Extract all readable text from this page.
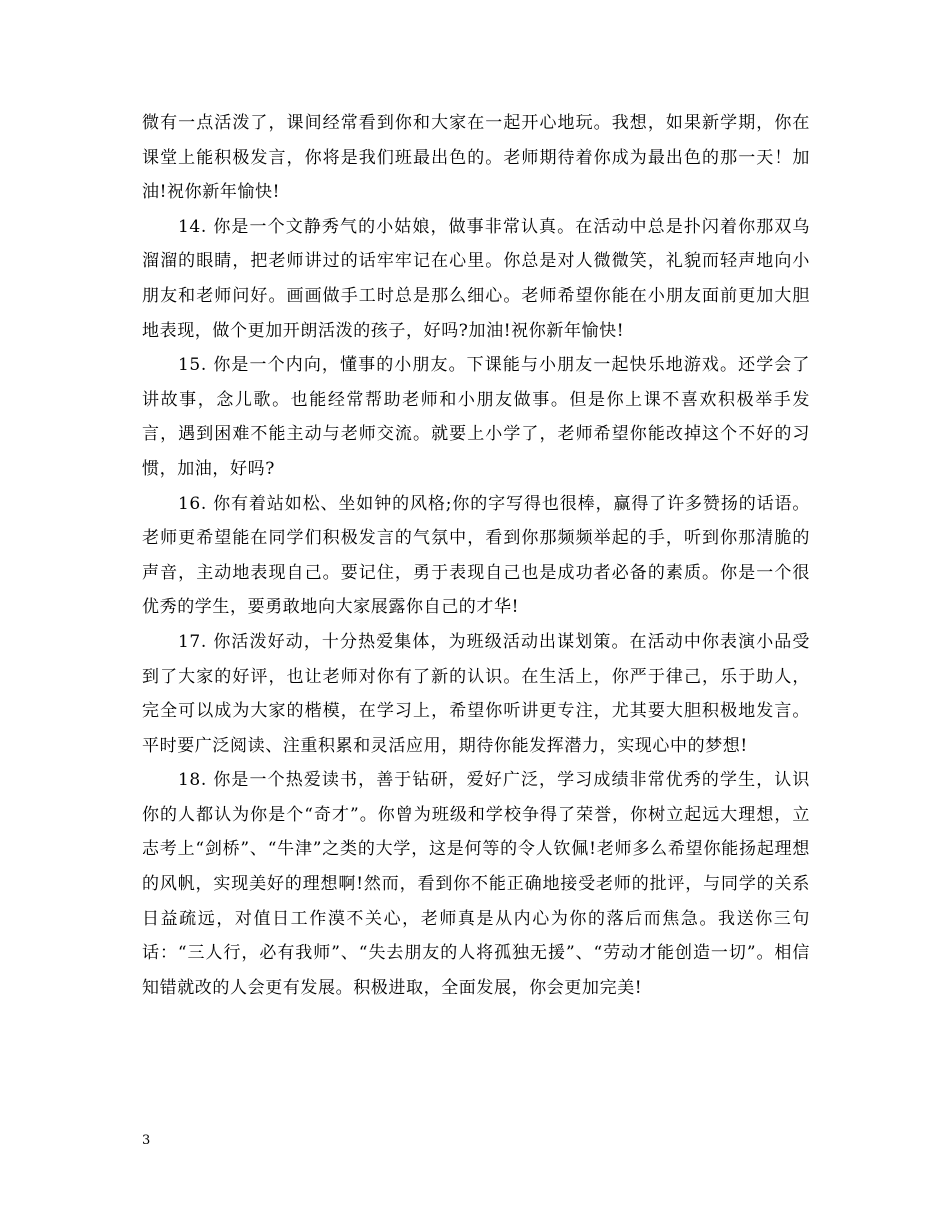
微有一点活泼了，课间经常看到你和大家在一起开心地玩。我想，如果新学期，你在课堂上能积极发言，你将是我们班最出色的。老师期待着你成为最出色的那一天！加油!祝你新年愉快!

14. 你是一个文静秀气的小姑娘，做事非常认真。在活动中总是扑闪着你那双乌溜溜的眼睛，把老师讲过的话牢牢记在心里。你总是对人微微笑，礼貌而轻声地向小朋友和老师问好。画画做手工时总是那么细心。老师希望你能在小朋友面前更加大胆地表现，做个更加开朗活泼的孩子，好吗?加油!祝你新年愉快!

15. 你是一个内向，懂事的小朋友。下课能与小朋友一起快乐地游戏。还学会了讲故事，念儿歌。也能经常帮助老师和小朋友做事。但是你上课不喜欢积极举手发言，遇到困难不能主动与老师交流。就要上小学了，老师希望你能改掉这个不好的习惯，加油，好吗?

16. 你有着站如松、坐如钟的风格;你的字写得也很棒，赢得了许多赞扬的话语。老师更希望能在同学们积极发言的气氛中，看到你那频频举起的手，听到你那清脆的声音，主动地表现自己。要记住，勇于表现自己也是成功者必备的素质。你是一个很优秀的学生，要勇敢地向大家展露你自己的才华!

17. 你活泼好动，十分热爱集体，为班级活动出谋划策。在活动中你表演小品受到了大家的好评，也让老师对你有了新的认识。在生活上，你严于律己，乐于助人，完全可以成为大家的楷模，在学习上，希望你听讲更专注，尤其要大胆积极地发言。平时要广泛阅读、注重积累和灵活应用，期待你能发挥潜力，实现心中的梦想!

18. 你是一个热爱读书，善于钻研，爱好广泛，学习成绩非常优秀的学生，认识你的人都认为你是个“奇才”。你曾为班级和学校争得了荣誉，你树立起远大理想，立志考上“剑桥”、“牛津”之类的大学，这是何等的令人钦佩!老师多么希望你能扬起理想的风帆，实现美好的理想啊!然而，看到你不能正确地接受老师的批评，与同学的关系日益疏远，对值日工作漠不关心，老师真是从内心为你的落后而焦急。我送你三句话：“三人行，必有我师”、“失去朋友的人将孤独无援”、“劳动才能创造一切”。相信知错就改的人会更有发展。积极进取，全面发展，你会更加完美!

3
